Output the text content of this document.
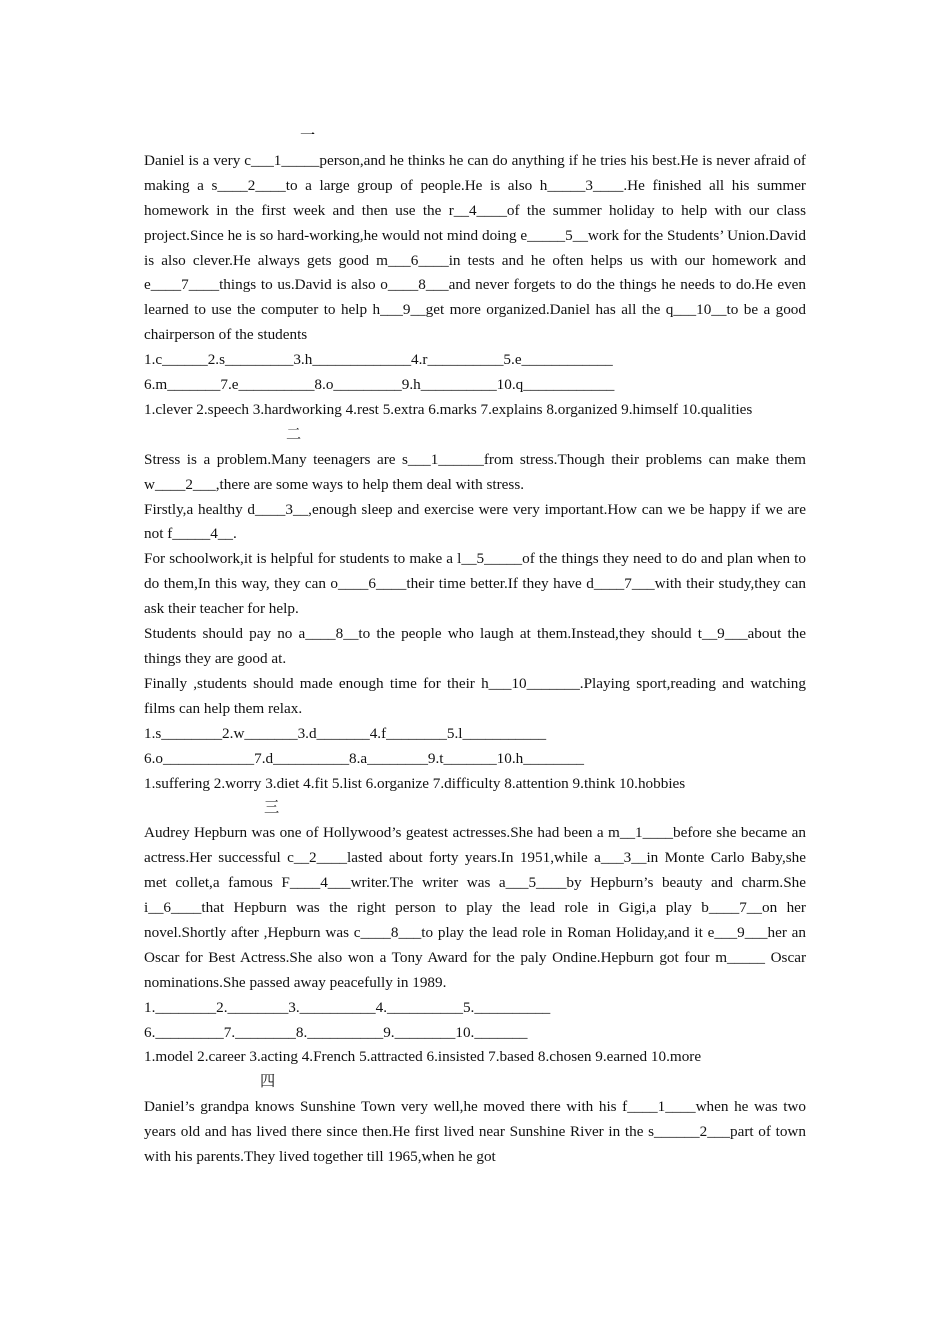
一

Daniel is a very c___1_____person,and he thinks he can do anything if he tries his best.He is never afraid of making a s____2____to a large group of people.He is also h_____3____.He finished all his summer homework in the first week and then use the r__4____of the summer holiday to help with our class project.Since he is so hard-working,he would not mind doing e_____5__work for the Students’ Union.David is also clever.He always gets good m___6____in tests and he often helps us with our homework and e____7____things to us.David is also o____8___and never forgets to do the things he needs to do.He even learned to use the computer to help h___9__get more organized.Daniel has all the q___10__to be a good chairperson of the students

1.c______2.s_________3.h_____________4.r__________5.e____________

6.m_______7.e__________8.o_________9.h__________10.q____________

1.clever 2.speech 3.hardworking 4.rest 5.extra 6.marks 7.explains 8.organized 9.himself 10.qualities

二

Stress is a problem.Many teenagers are s___1______from stress.Though their problems can make them w____2___,there are some ways to help them deal with stress.

Firstly,a healthy d____3__,enough sleep and exercise were very important.How can we be happy if we are not f_____4__.

For schoolwork,it is helpful for students to make a l__5_____of the things they need to do and plan when to do them,In this way, they can o____6____their time better.If they have d____7___with their study,they can ask their teacher for help.

Students should pay no a____8__to the people who laugh at them.Instead,they should t__9___about the things they are good at.

Finally ,students should made enough time for their h___10_______.Playing sport,reading and watching films can help them relax.

1.s________2.w_______3.d_______4.f________5.l___________

6.o____________7.d__________8.a________9.t_______10.h________

1.suffering 2.worry 3.diet 4.fit 5.list 6.organize 7.difficulty 8.attention 9.think 10.hobbies

三

Audrey Hepburn was one of Hollywood’s geatest actresses.She had been a m__1____before she became an actress.Her successful c__2____lasted about forty years.In 1951,while a___3__in Monte Carlo Baby,she met collet,a famous F____4___writer.The writer was a___5____by Hepburn’s beauty and charm.She i__6____that Hepburn was the right person to play the lead role in Gigi,a play b____7__on her novel.Shortly after ,Hepburn was c____8___to play the lead role in Roman Holiday,and it e___9___her an Oscar for Best Actress.She also won a Tony Award for the paly Ondine.Hepburn got four m_____ Oscar nominations.She passed away peacefully in 1989.

1.________2.________3.__________4.__________5.__________

6._________7.________8.__________9.________10._______

1.model 2.career 3.acting 4.French 5.attracted 6.insisted 7.based 8.chosen 9.earned 10.more

四

Daniel’s grandpa knows Sunshine Town very well,he moved there with his f____1____when he was two years old and has lived there since then.He first lived near Sunshine River in the s______2___part of town with his parents.They lived together till 1965,when he got
